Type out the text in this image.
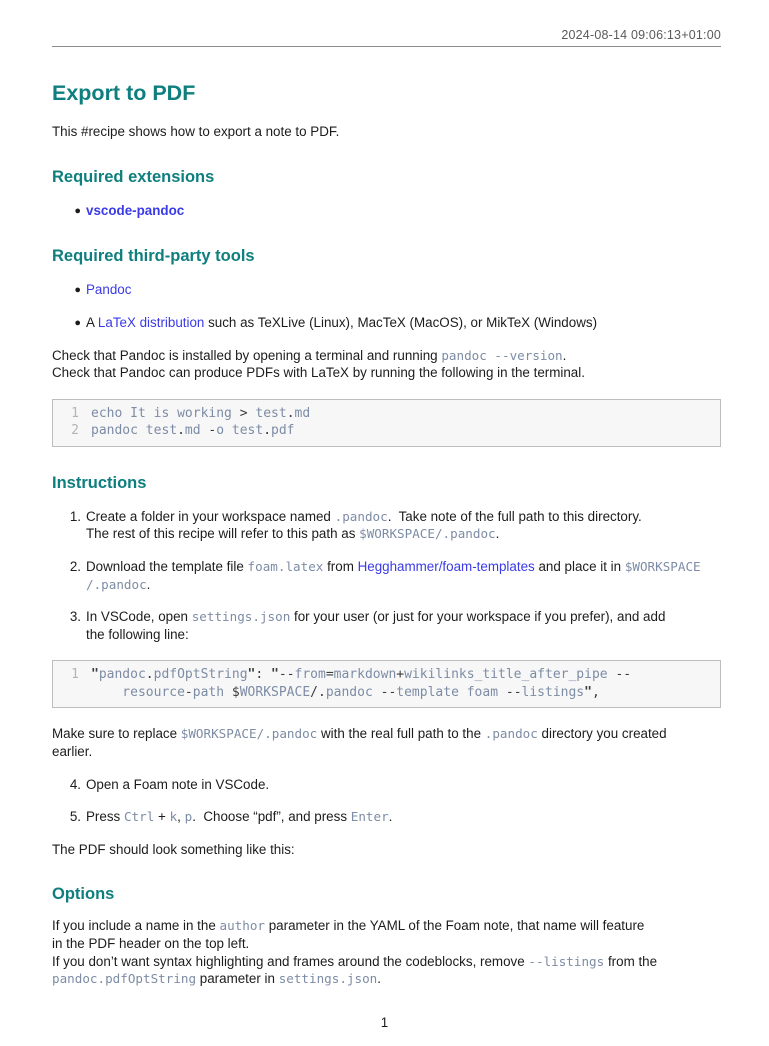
2024-08-14 09:06:13+01:00
Export to PDF
This #recipe shows how to export a note to PDF.
Required extensions
● vscode-pandoc
Required third-party tools
● Pandoc
● A LaTeX distribution such as TeXLive (Linux), MacTeX (MacOS), or MikTeX (Windows)
Check that Pandoc is installed by opening a terminal and running pandoc --version.
Check that Pandoc can produce PDFs with LaTeX by running the following in the terminal.
1 echo It is working > test.md
2 pandoc test.md -o test.pdf
Instructions
1. Create a folder in your workspace named .pandoc.  Take note of the full path to this directory.
The rest of this recipe will refer to this path as $WORKSPACE/.pandoc.
2. Download the template file foam.latex from Hegghammer/foam-templates and place it in $WORKSPACE
/.pandoc.
3. In VSCode, open settings.json for your user (or just for your workspace if you prefer), and add
the following line:
1 "pandoc.pdfOptString": "--from=markdown+wikilinks_title_after_pipe --
resource-path $WORKSPACE/.pandoc --template foam --listings",
Make sure to replace $WORKSPACE/.pandoc with the real full path to the .pandoc directory you created
earlier.
4. Open a Foam note in VSCode.
5. Press Ctrl + k, p.  Choose “pdf”, and press Enter.
The PDF should look something like this:
Options
If you include a name in the author parameter in the YAML of the Foam note, that name will feature
in the PDF header on the top left.
If you don’t want syntax highlighting and frames around the codeblocks, remove --listings from the
pandoc.pdfOptString parameter in settings.json.
1
